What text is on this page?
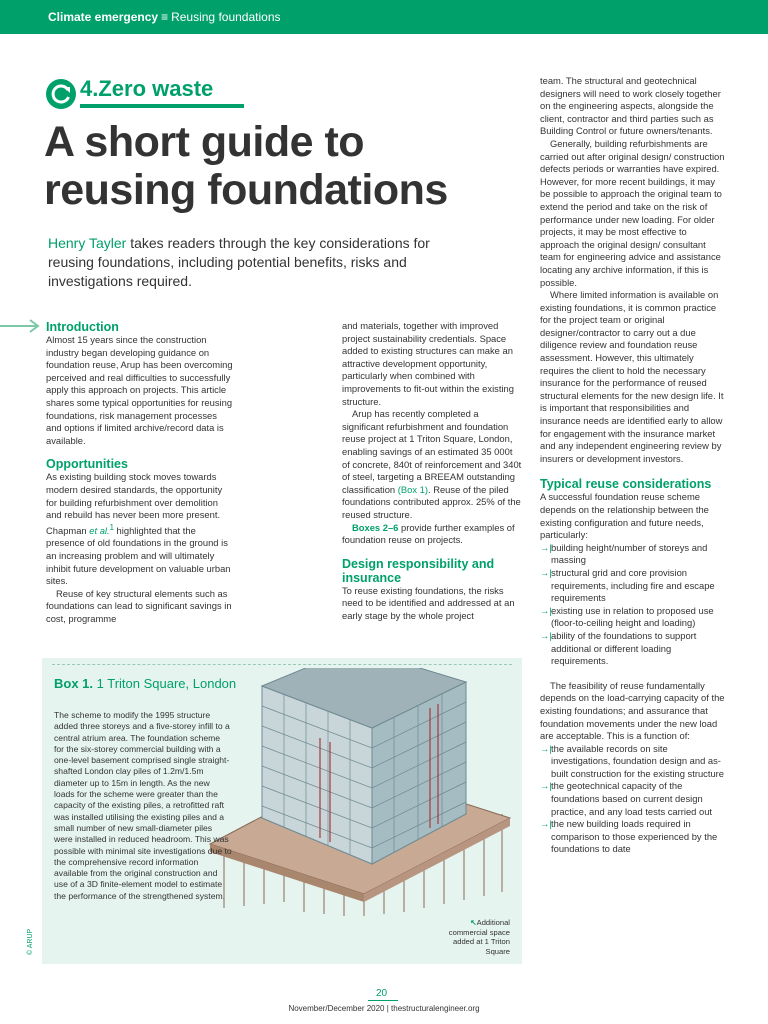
Climate emergency ≡ Reusing foundations
4.Zero waste
A short guide to reusing foundations
Henry Tayler takes readers through the key considerations for reusing foundations, including potential benefits, risks and investigations required.
Introduction

Almost 15 years since the construction industry began developing guidance on foundation reuse, Arup has been overcoming perceived and real difficulties to successfully apply this approach on projects. This article shares some typical opportunities for reusing foundations, risk management processes and options if limited archive/record data is available.

Opportunities

As existing building stock moves towards modern desired standards, the opportunity for building refurbishment over demolition and rebuild has never been more present. Chapman et al.$^1$ highlighted that the presence of old foundations in the ground is an increasing problem and will ultimately inhibit future development on valuable urban sites.

Reuse of key structural elements such as foundations can lead to significant savings in cost, programme

and materials, together with improved project sustainability credentials. Space added to existing structures can make an attractive development opportunity, particularly when combined with improvements to fit-out within the existing structure.

Arup has recently completed a significant refurbishment and foundation reuse project at 1 Triton Square, London, enabling savings of an estimated 35 000t of concrete, 840t of reinforcement and 340t of steel, targeting a BREEAM outstanding classification (Box 1). Reuse of the piled foundations contributed approx. 25% of the reused structure.

Boxes 2–6 provide further examples of foundation reuse on projects.

Design responsibility and insurance

To reuse existing foundations, the risks need to be identified and addressed at an early stage by the whole project

team. The structural and geotechnical designers will need to work closely together on the engineering aspects, alongside the client, contractor and third parties such as Building Control or future owners/tenants.

Generally, building refurbishments are carried out after original design/ construction defects periods or warranties have expired. However, for more recent buildings, it may be possible to approach the original team to extend the period and take on the risk of performance under new loading. For older projects, it may be most effective to approach the original design/ consultant team for engineering advice and assistance locating any archive information, if this is possible.

Where limited information is available on existing foundations, it is common practice for the project team or original designer/contractor to carry out a due diligence review and foundation reuse assessment. However, this ultimately requires the client to hold the necessary insurance for the performance of reused structural elements for the new design life. It is important that responsibilities and insurance needs are identified early to allow for engagement with the insurance market and any independent engineering review by insurers or development investors.

Typical reuse considerations

A successful foundation reuse scheme depends on the relationship between the existing configuration and future needs, particularly:

→| building height/number of storeys and massing
→| structural grid and core provision requirements, including fire and escape requirements
→| existing use in relation to proposed use (floor-to-ceiling height and loading)
→| ability of the foundations to support additional or different loading requirements.

The feasibility of reuse fundamentally depends on the load-carrying capacity of the existing foundations; and assurance that foundation movements under the new load are acceptable. This is a function of:

→| the available records on site investigations, foundation design and as-built construction for the existing structure
→| the geotechnical capacity of the foundations based on current design practice, and any load tests carried out
→| the new building loads required in comparison to those experienced by the foundations to date
Box 1. 1 Triton Square, London
The scheme to modify the 1995 structure added three storeys and a five-storey infill to a central atrium area. The foundation scheme for the six-storey commercial building with a one-level basement comprised single straight-shafted London clay piles of 1.2m/1.5m diameter up to 15m in length. As the new loads for the scheme were greater than the capacity of the existing piles, a retrofitted raft was installed utilising the existing piles and a small number of new small-diameter piles were installed in reduced headroom. This was possible with minimal site investigations due to the comprehensive record information available from the original construction and use of a 3D finite-element model to estimate the performance of the strengthened system.
↖Additional commercial space added at 1 Triton Square
© ARUP
20
November/December 2020 | thestructuralengineer.org
